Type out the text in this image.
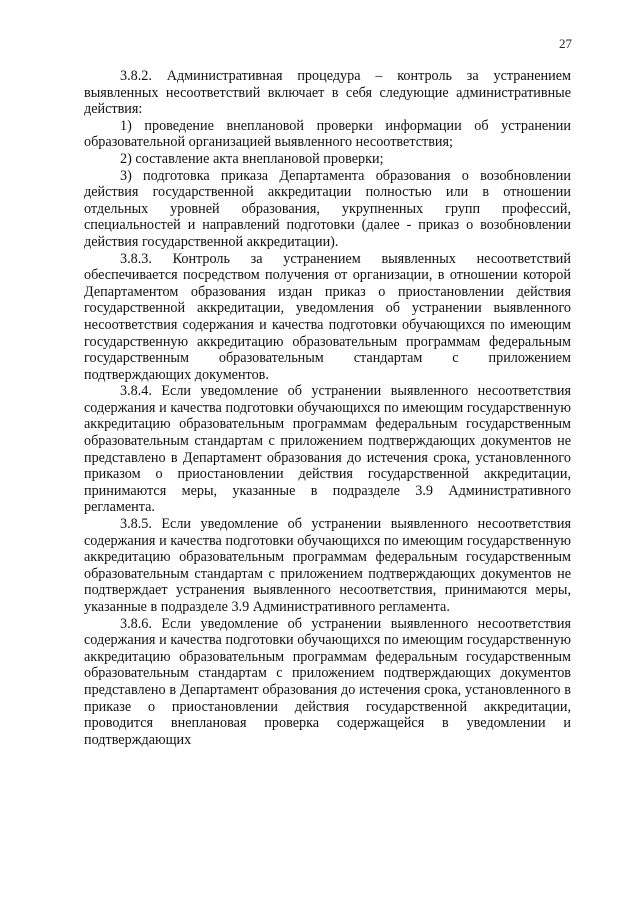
27

3.8.2. Административная процедура – контроль за устранением выявленных несоответствий включает в себя следующие административные действия:

1) проведение внеплановой проверки информации об устранении образовательной организацией выявленного несоответствия;

2) составление акта внеплановой проверки;

3) подготовка приказа Департамента образования о возобновлении действия государственной аккредитации полностью или в отношении отдельных уровней образования, укрупненных групп профессий, специальностей и направлений подготовки (далее - приказ о возобновлении действия государственной аккредитации).

3.8.3. Контроль за устранением выявленных несоответствий обеспечивается посредством получения от организации, в отношении которой Департаментом образования издан приказ о приостановлении действия государственной аккредитации, уведомления об устранении выявленного несоответствия содержания и качества подготовки обучающихся по имеющим государственную аккредитацию образовательным программам федеральным государственным образовательным стандартам с приложением подтверждающих документов.

3.8.4. Если уведомление об устранении выявленного несоответствия содержания и качества подготовки обучающихся по имеющим государственную аккредитацию образовательным программам федеральным государственным образовательным стандартам с приложением подтверждающих документов не представлено в Департамент образования до истечения срока, установленного приказом о приостановлении действия государственной аккредитации, принимаются меры, указанные в подразделе 3.9 Административного регламента.

3.8.5. Если уведомление об устранении выявленного несоответствия содержания и качества подготовки обучающихся по имеющим государственную аккредитацию образовательным программам федеральным государственным образовательным стандартам с приложением подтверждающих документов не подтверждает устранения выявленного несоответствия, принимаются меры, указанные в подразделе 3.9 Административного регламента.

3.8.6. Если уведомление об устранении выявленного несоответствия содержания и качества подготовки обучающихся по имеющим государственную аккредитацию образовательным программам федеральным государственным образовательным стандартам с приложением подтверждающих документов представлено в Департамент образования до истечения срока, установленного в приказе о приостановлении действия государственной аккредитации, проводится внеплановая проверка содержащейся в уведомлении и подтверждающих
